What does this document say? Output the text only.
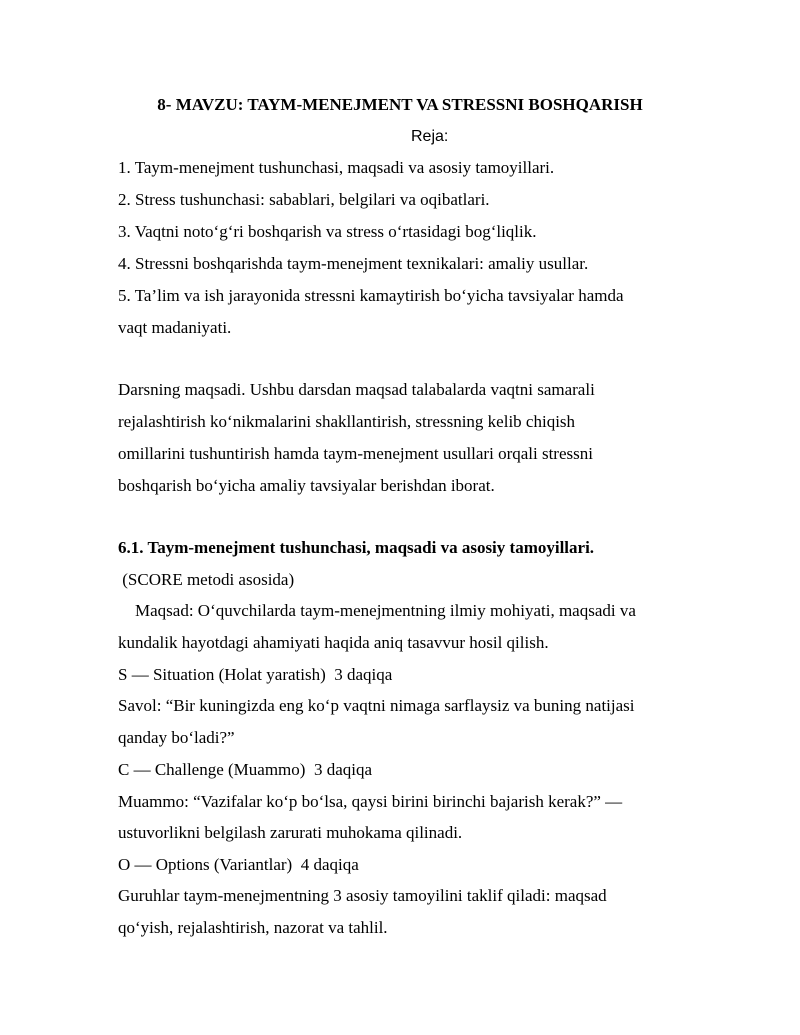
8- MAVZU: TAYM-MENEJMENT VA STRESSNI BOSHQARISH
Reja:
1. Taym-menejment tushunchasi, maqsadi va asosiy tamoyillari.
2. Stress tushunchasi: sabablari, belgilari va oqibatlari.
3. Vaqtni noto‘g‘ri boshqarish va stress o‘rtasidagi bog‘liqlik.
4. Stressni boshqarishda taym-menejment texnikalari: amaliy usullar.
5. Ta’lim va ish jarayonida stressni kamaytirish bo‘yicha tavsiyalar hamda
vaqt madaniyati.
Darsning maqsadi. Ushbu darsdan maqsad talabalarda vaqtni samarali
rejalashtirish ko‘nikmalarini shakllantirish, stressning kelib chiqish
omillarini tushuntirish hamda taym-menejment usullari orqali stressni
boshqarish bo‘yicha amaliy tavsiyalar berishdan iborat.
6.1. Taym-menejment tushunchasi, maqsadi va asosiy tamoyillari.
(SCORE metodi asosida)
Maqsad: O‘quvchilarda taym-menejmentning ilmiy mohiyati, maqsadi va
kundalik hayotdagi ahamiyati haqida aniq tasavvur hosil qilish.
S — Situation (Holat yaratish)  3 daqiqa
Savol: “Bir kuningizda eng ko‘p vaqtni nimaga sarflaysiz va buning natijasi
qanday bo‘ladi?”
C — Challenge (Muammo)  3 daqiqa
Muammo: “Vazifalar ko‘p bo‘lsa, qaysi birini birinchi bajarish kerak?” —
ustuvorlikni belgilash zarurati muhokama qilinadi.
O — Options (Variantlar)  4 daqiqa
Guruhlar taym-menejmentning 3 asosiy tamoyilini taklif qiladi: maqsad
qo‘yish, rejalashtirish, nazorat va tahlil.
